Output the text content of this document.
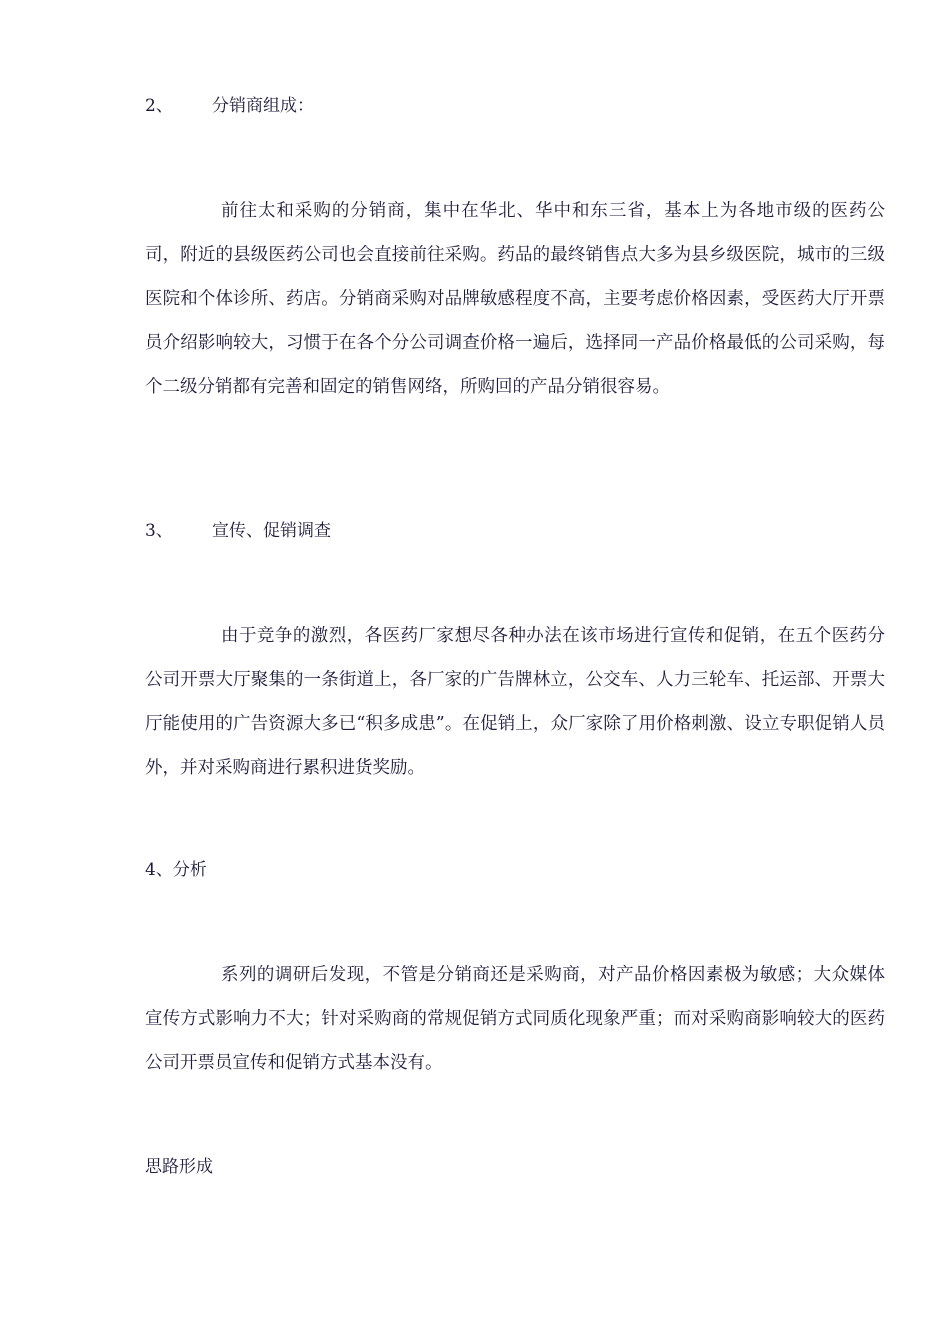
2、 分销商组成：

前往太和采购的分销商，集中在华北、华中和东三省，基本上为各地市级的医药公司，附近的县级医药公司也会直接前往采购。药品的最终销售点大多为县乡级医院，城市的三级医院和个体诊所、药店。分销商采购对品牌敏感程度不高，主要考虑价格因素，受医药大厅开票员介绍影响较大，习惯于在各个分公司调查价格一遍后，选择同一产品价格最低的公司采购，每个二级分销都有完善和固定的销售网络，所购回的产品分销很容易。

3、 宣传、促销调查

由于竞争的激烈，各医药厂家想尽各种办法在该市场进行宣传和促销，在五个医药分公司开票大厅聚集的一条街道上，各厂家的广告牌林立，公交车、人力三轮车、托运部、开票大厅能使用的广告资源大多已“积多成患”。在促销上，众厂家除了用价格刺激、设立专职促销人员外，并对采购商进行累积进货奖励。

4、分析

系列的调研后发现，不管是分销商还是采购商，对产品价格因素极为敏感；大众媒体宣传方式影响力不大；针对采购商的常规促销方式同质化现象严重；而对采购商影响较大的医药公司开票员宣传和促销方式基本没有。

思路形成
